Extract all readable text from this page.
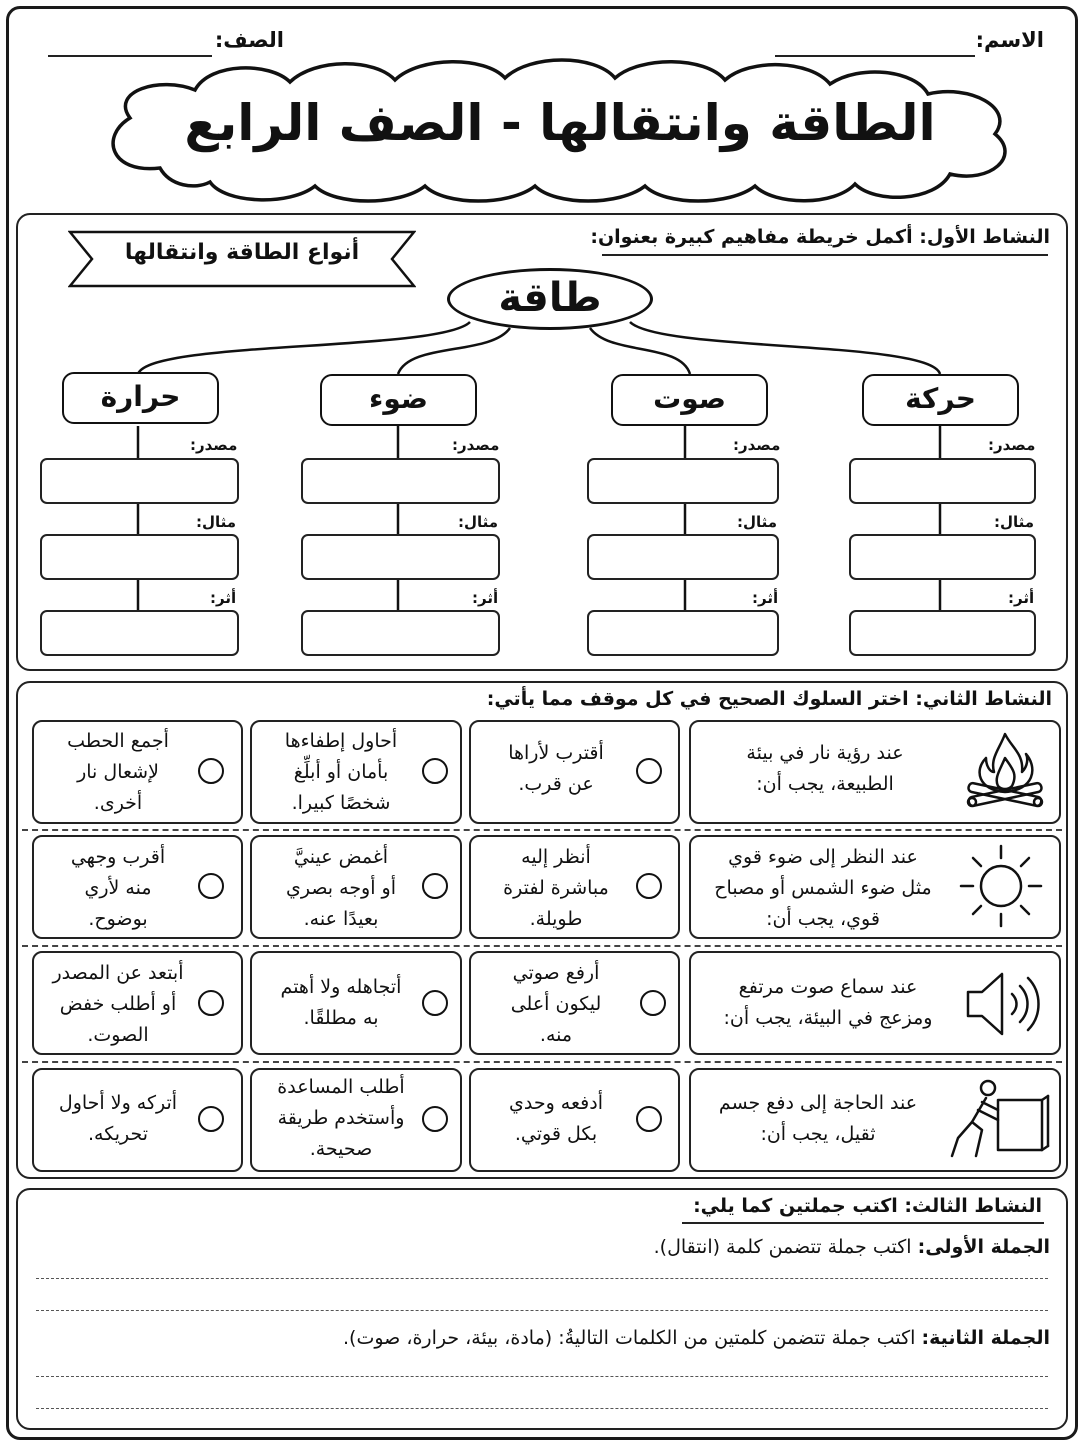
الاسم:
الصف:
الطاقة وانتقالها - الصف الرابع
النشاط الأول: أكمل خريطة مفاهيم كبيرة بعنوان:
أنواع الطاقة وانتقالها
طاقة
حركة
صوت
ضوء
حرارة
مصدر:
مثال:
أثر:
مصدر:
مثال:
أثر:
مصدر:
مثال:
أثر:
مصدر:
مثال:
أثر:
النشاط الثاني: اختر السلوك الصحيح في كل موقف مما يأتي:
عند رؤية نار في بيئة
الطبيعة، يجب أن:
أقترب لأراها
عن قرب.
أحاول إطفاءها
بأمان أو أبلِّغ
شخصًا كبيرا.
أجمع الحطب
لإشعال نار
أخرى.
عند النظر إلى ضوء قوي
مثل ضوء الشمس أو مصباح
قوي، يجب أن:
أنظر إليه
مباشرة لفترة
طويلة.
أغمض عينيَّ
أو أوجه بصري
بعيدًا عنه.
أقرب وجهي
منه لأري
بوضوح.
عند سماع صوت مرتفع
ومزعج في البيئة، يجب أن:
أرفع صوتي
ليكون أعلى
منه.
أتجاهله ولا أهتم
به مطلقًا.
أبتعد عن المصدر
أو أطلب خفض
الصوت.
عند الحاجة إلى دفع جسم
ثقيل، يجب أن:
أدفعه وحدي
بكل قوتي.
أطلب المساعدة
وأستخدم طريقة
صحيحة.
أتركه ولا أحاول
تحريكه.
النشاط الثالث: اكتب جملتين كما يلي:
الجملة الأولى: اكتب جملة تتضمن كلمة (انتقال).
الجملة الثانية: اكتب جملة تتضمن كلمتين من الكلمات التاليةُ: (مادة، بيئة، حرارة، صوت).
